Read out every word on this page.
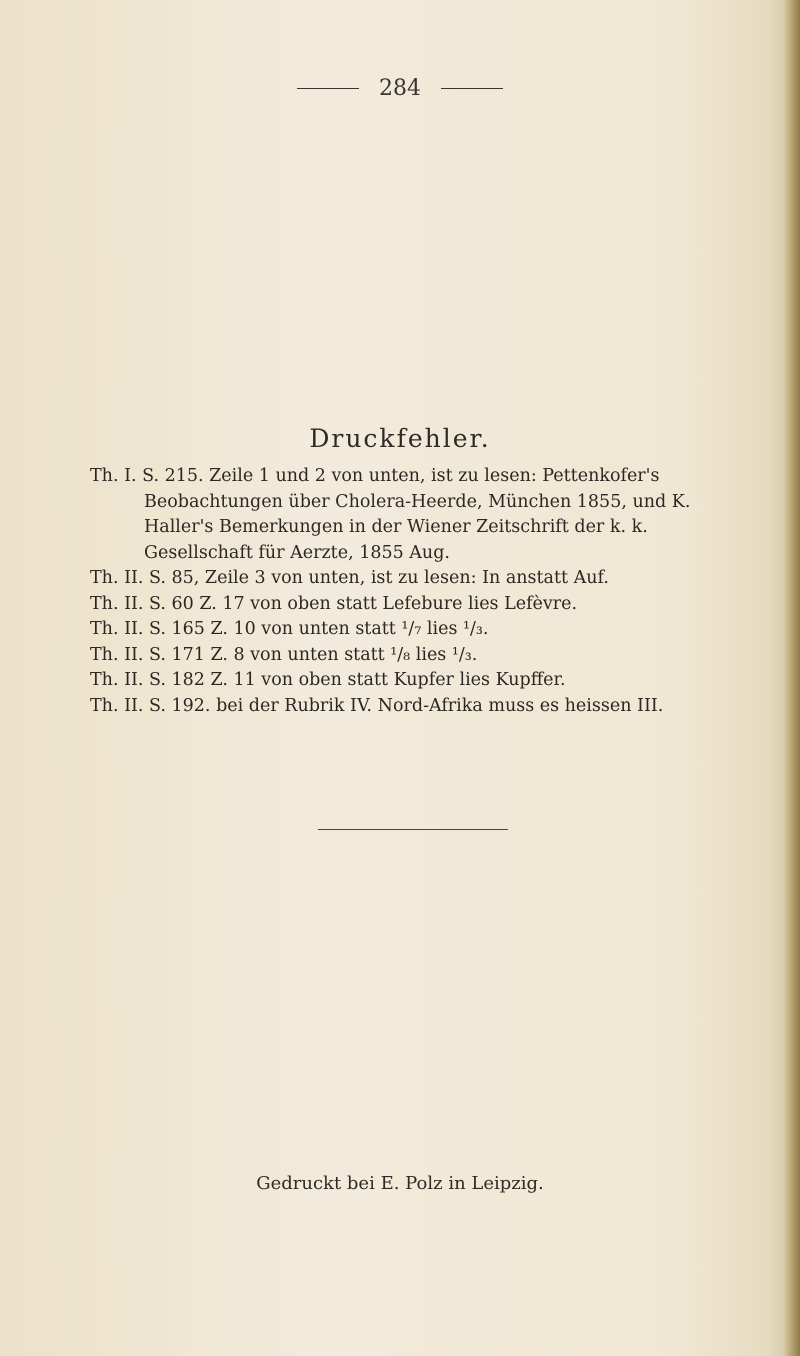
284
Druckfehler.
Th. I. S. 215. Zeile 1 und 2 von unten, ist zu lesen: Pettenkofer's Beobachtungen über Cholera-Heerde, München 1855, und K. Haller's Bemerkungen in der Wiener Zeitschrift der k. k. Gesellschaft für Aerzte, 1855 Aug.
Th. II. S. 85, Zeile 3 von unten, ist zu lesen: In anstatt Auf.
Th. II. S. 60 Z. 17 von oben statt Lefebure lies Lefèvre.
Th. II. S. 165 Z. 10 von unten statt ¹/₇ lies ¹/₃.
Th. II. S. 171 Z. 8 von unten statt ¹/₈ lies ¹/₃.
Th. II. S. 182 Z. 11 von oben statt Kupfer lies Kupffer.
Th. II. S. 192. bei der Rubrik IV. Nord-Afrika muss es heissen III.
Gedruckt bei E. Polz in Leipzig.
